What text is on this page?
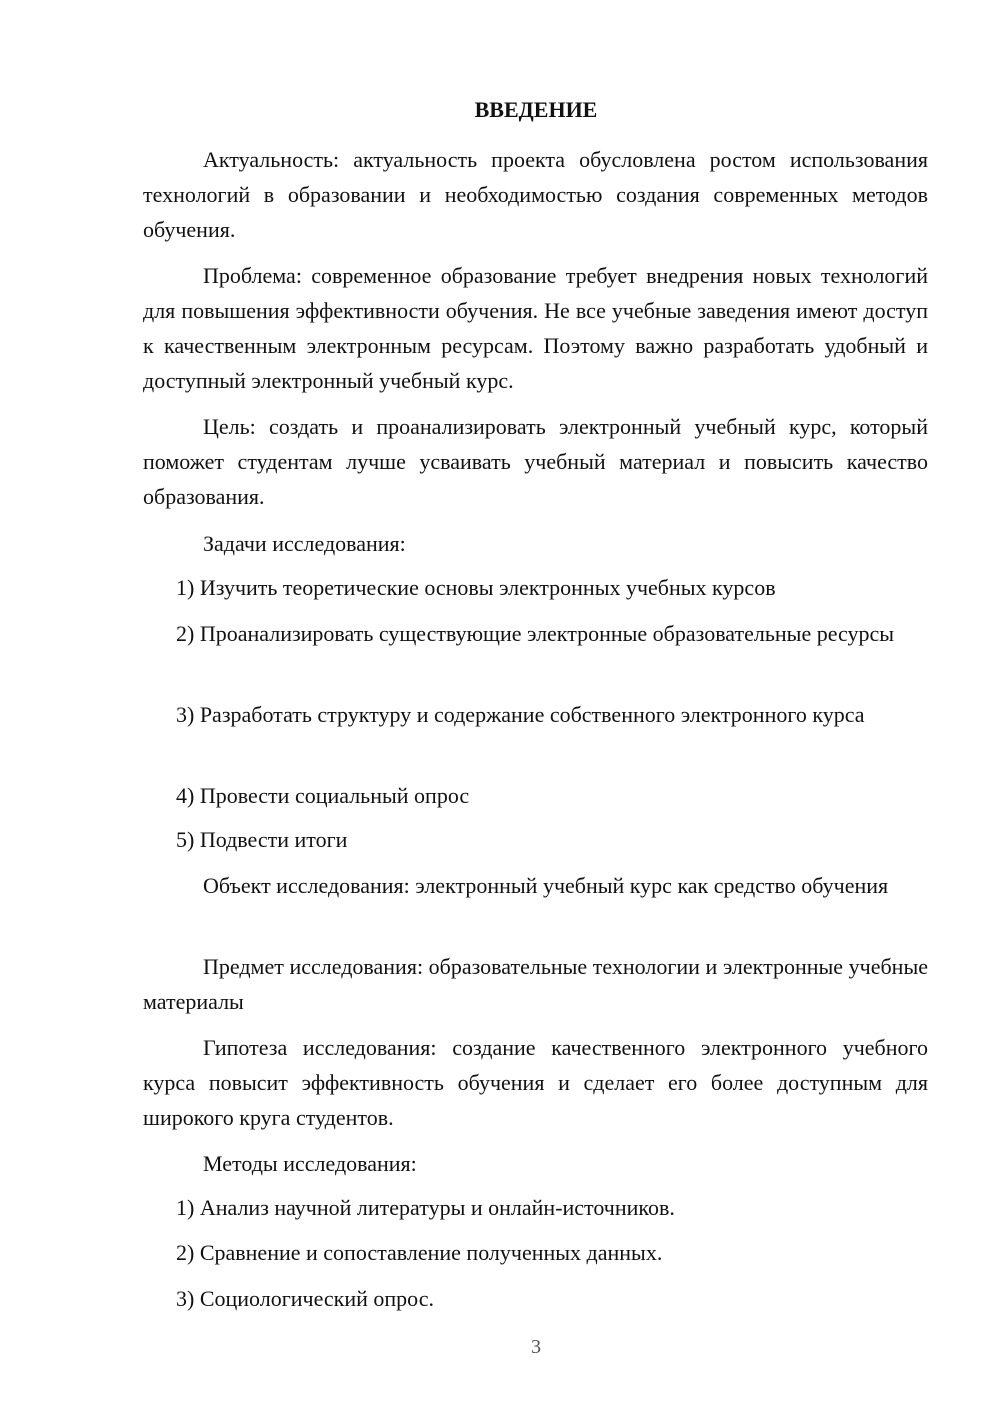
ВВЕДЕНИЕ
Актуальность: актуальность проекта обусловлена ростом использования технологий в образовании и необходимостью создания современных методов обучения.
Проблема: современное образование требует внедрения новых технологий для повышения эффективности обучения. Не все учебные заведения имеют доступ к качественным электронным ресурсам. Поэтому важно разработать удобный и доступный электронный учебный курс.
Цель: создать и проанализировать электронный учебный курс, который поможет студентам лучше усваивать учебный материал и повысить качество образования.
Задачи исследования:
1) Изучить теоретические основы электронных учебных курсов
2) Проанализировать существующие электронные образовательные ресурсы
3) Разработать структуру и содержание собственного электронного курса
4) Провести социальный опрос
5) Подвести итоги
Объект исследования: электронный учебный курс как средство обучения
Предмет исследования: образовательные технологии и электронные учебные материалы
Гипотеза исследования: создание качественного электронного учебного курса повысит эффективность обучения и сделает его более доступным для широкого круга студентов.
Методы исследования:
1) Анализ научной литературы и онлайн-источников.
2) Сравнение и сопоставление полученных данных.
3) Социологический опрос.
3
